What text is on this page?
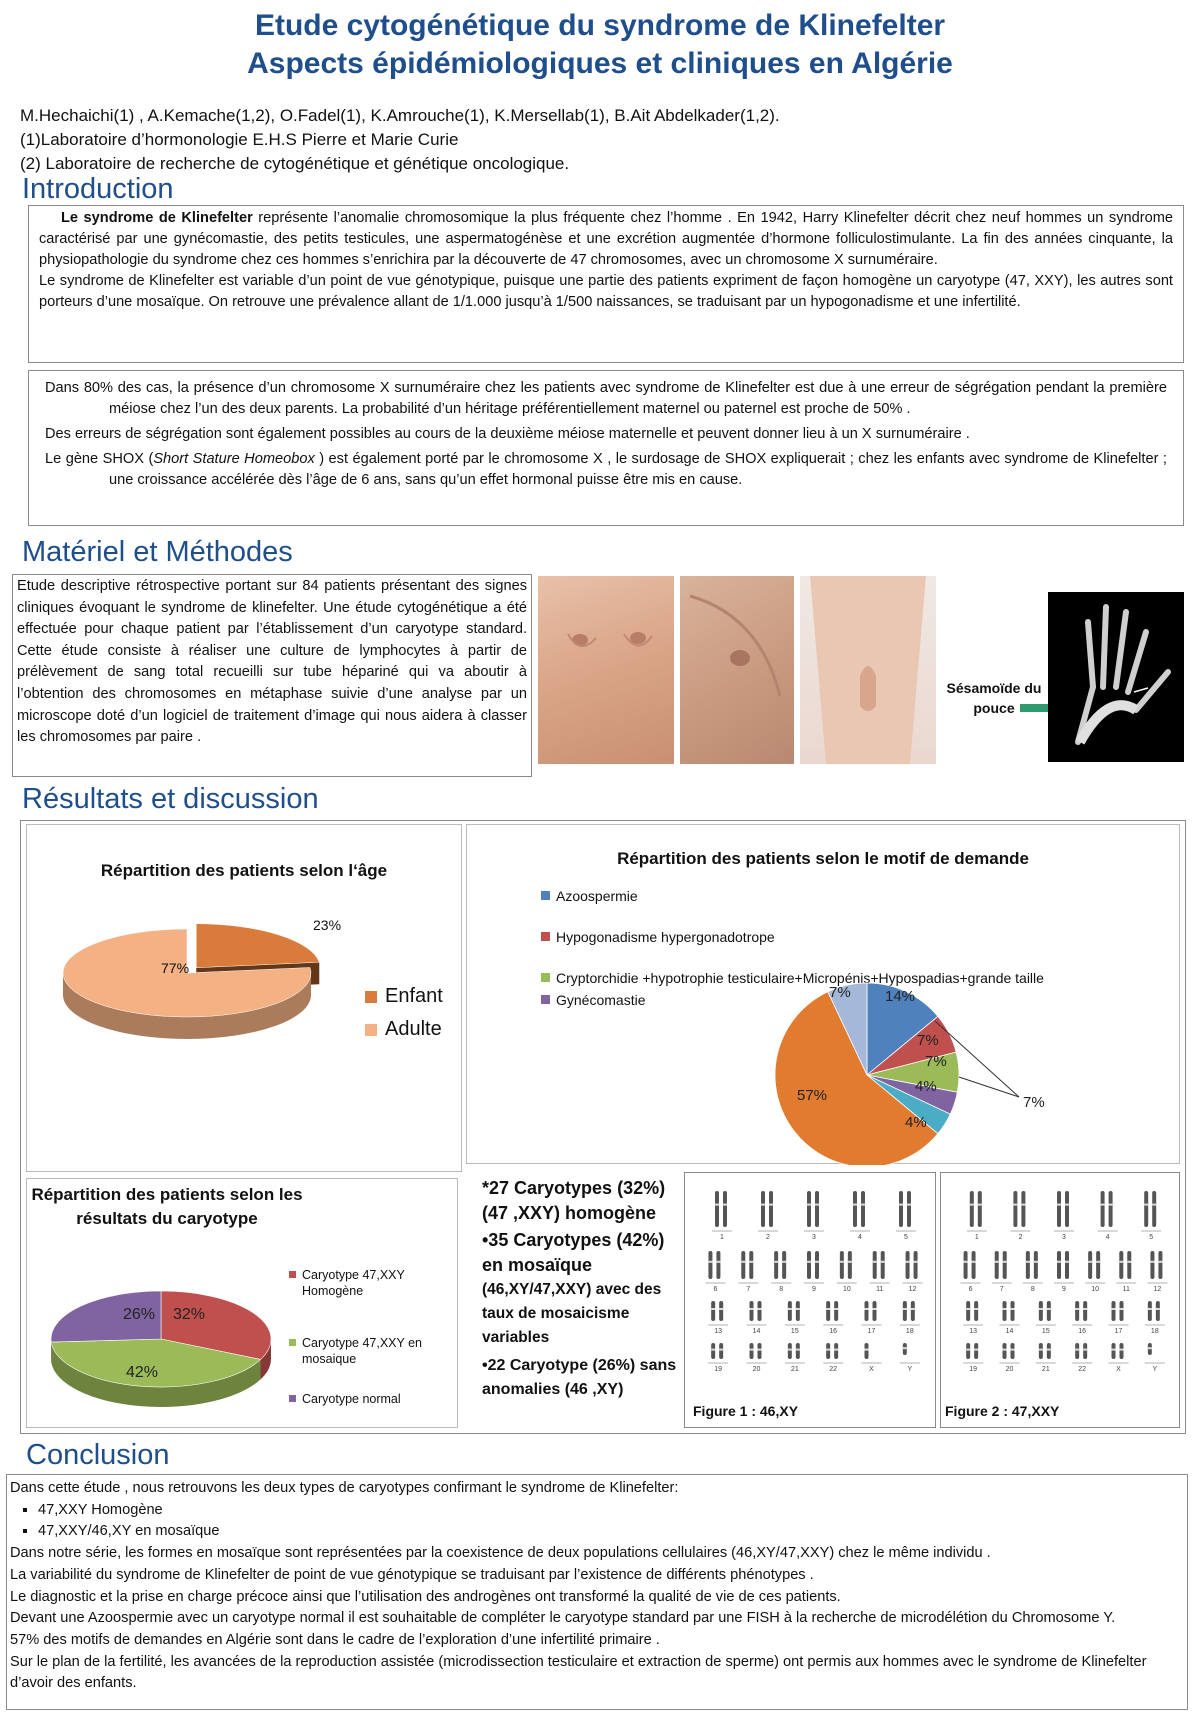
Etude cytogénétique du syndrome de Klinefelter
Aspects épidémiologiques et cliniques en Algérie
M.Hechaichi(1) , A.Kemache(1,2), O.Fadel(1), K.Amrouche(1), K.Mersellab(1), B.Ait Abdelkader(1,2).
(1)Laboratoire d’hormonologie E.H.S Pierre et Marie Curie
(2) Laboratoire de recherche de cytogénétique et génétique oncologique.
Introduction

Le syndrome de Klinefelter représente l’anomalie chromosomique la plus fréquente chez l’homme . En 1942, Harry Klinefelter décrit chez neuf hommes un syndrome caractérisé par une gynécomastie, des petits testicules, une aspermatogénèse et une excrétion augmentée d’hormone folliculostimulante. La fin des années cinquante, la physiopathologie du syndrome chez ces hommes s’enrichira par la découverte de 47 chromosomes, avec un chromosome X surnuméraire.

Le syndrome de Klinefelter est variable d’un point de vue génotypique, puisque une partie des patients expriment de façon homogène un caryotype (47, XXY), les autres sont porteurs d’une mosaïque. On retrouve une prévalence allant de 1/1.000 jusqu’à 1/500 naissances, se traduisant par un hypogonadisme et une infertilité.

Dans 80% des cas, la présence d’un chromosome X surnuméraire chez les patients avec syndrome de Klinefelter est due à une erreur de ségrégation pendant la première méiose chez l’un des deux parents. La probabilité d’un héritage préférentiellement maternel ou paternel est proche de 50% .

Des erreurs de ségrégation sont également possibles au cours de la deuxième méiose maternelle et peuvent donner lieu à un X surnuméraire .

Le gène SHOX (Short Stature Homeobox ) est également porté par le chromosome X , le surdosage de SHOX expliquerait ; chez les enfants avec syndrome de Klinefelter ; une croissance accélérée dès l’âge de 6 ans, sans qu’un effet hormonal puisse être mis en cause.

Matériel et Méthodes

Etude descriptive rétrospective portant sur 84 patients présentant des signes cliniques évoquant le syndrome de klinefelter. Une étude cytogénétique a été effectuée pour chaque patient par l’établissement d’un caryotype standard. Cette étude consiste à réaliser une culture de lymphocytes à partir de prélèvement de sang total recueilli sur tube hépariné qui va aboutir à l’obtention des chromosomes en métaphase suivie d’une analyse par un microscope doté d’un logiciel de traitement d’image qui nous aidera à classer les chromosomes par paire .

Sésamoïde du pouce
Résultats et discussion
Répartition des patients selon l‘âge
23%
77%
Enfant
Adulte
Répartition des patients selon le motif de demande
Azoospermie
Hypogonadisme hypergonadotrope
Cryptorchidie +hypotrophie testiculaire+Micropénis+Hypospadias+grande taille
Gynécomastie	14%
7%
7%
4%
4%
57%
7%
7%
Répartition des patients selon les résultats du caryotype
32%
42%
26%
Caryotype 47,XXY Homogène
Caryotype 47,XXY en mosaique
Caryotype normal
*27 Caryotypes (32%) (47 ,XXY) homogène
•35 Caryotypes (42%) en mosaïque
(46,XY/47,XXY) avec des taux de mosaicisme variables
•22 Caryotype (26%) sans anomalies (46 ,XY)
1	2	3	4	5
6	7	8	9	10	11	12
13	14	15	16	17	18
19	20	21	22	X	Y
Figure 1 : 46,XY
1	2	3	4	5
6	7	8	9	10	11	12
13	14	15	16	17	18
19	20	21	22	X	Y
Figure 2 : 47,XXY
Conclusion

Dans cette étude , nous retrouvons les deux types de caryotypes confirmant le syndrome de Klinefelter:

▪ 47,XXY Homogène
▪ 47,XXY/46,XY en mosaïque

Dans notre série, les formes en mosaïque sont représentées par la coexistence de deux populations cellulaires (46,XY/47,XXY) chez le même individu .

La variabilité du syndrome de Klinefelter de point de vue génotypique se traduisant par l’existence de différents phénotypes .

Le diagnostic et la prise en charge précoce ainsi que l’utilisation des androgènes ont transformé la qualité de vie de ces patients.

Devant une Azoospermie avec un caryotype normal il est souhaitable de compléter le caryotype standard par une FISH à la recherche de microdélétion du Chromosome Y.

57% des motifs de demandes en Algérie sont dans le cadre de l’exploration d’une infertilité primaire .

Sur le plan de la fertilité, les avancées de la reproduction assistée (microdissection testiculaire et extraction de sperme) ont permis aux hommes avec le syndrome de Klinefelter d’avoir des enfants.
